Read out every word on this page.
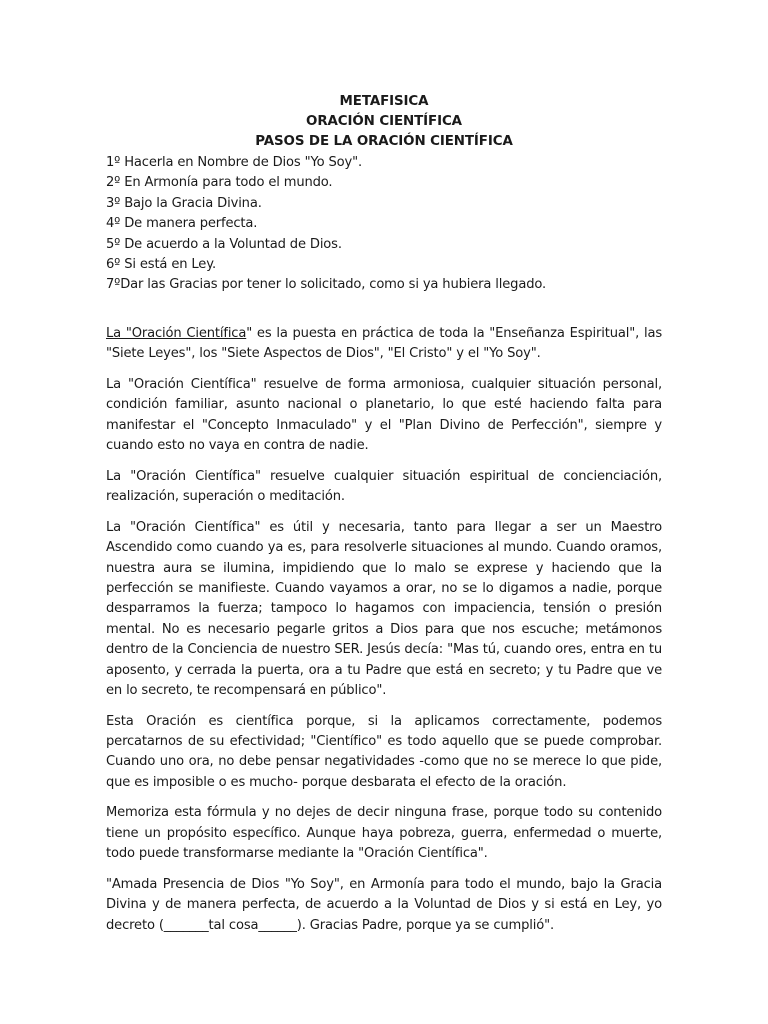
METAFISICA
ORACIÓN CIENTÍFICA
PASOS DE LA ORACIÓN CIENTÍFICA
1º Hacerla en Nombre de Dios "Yo Soy".
2º En Armonía para todo el mundo.
3º Bajo la Gracia Divina.
4º De manera perfecta.
5º De acuerdo a la Voluntad de Dios.
6º Si está en Ley.
7ºDar las Gracias por tener lo solicitado, como si ya hubiera llegado.

La "Oración Científica" es la puesta en práctica de toda la "Enseñanza Espiritual", las "Siete Leyes", los "Siete Aspectos de Dios", "El Cristo" y el "Yo Soy".

La "Oración Científica" resuelve de forma armoniosa, cualquier situación personal, condición familiar, asunto nacional o planetario, lo que esté haciendo falta para manifestar el "Concepto Inmaculado" y el "Plan Divino de Perfección", siempre y cuando esto no vaya en contra de nadie.

La "Oración Científica" resuelve cualquier situación espiritual de concienciación, realización, superación o meditación.

La "Oración Científica" es útil y necesaria, tanto para llegar a ser un Maestro Ascendido como cuando ya es, para resolverle situaciones al mundo. Cuando oramos, nuestra aura se ilumina, impidiendo que lo malo se exprese y haciendo que la perfección se manifieste. Cuando vayamos a orar, no se lo digamos a nadie, porque desparramos la fuerza; tampoco lo hagamos con impaciencia, tensión o presión mental. No es necesario pegarle gritos a Dios para que nos escuche; metámonos dentro de la Conciencia de nuestro SER. Jesús decía: "Mas tú, cuando ores, entra en tu aposento, y cerrada la puerta, ora a tu Padre que está en secreto; y tu Padre que ve en lo secreto, te recompensará en público".

Esta Oración es científica porque, si la aplicamos correctamente, podemos percatarnos de su efectividad; "Científico" es todo aquello que se puede comprobar. Cuando uno ora, no debe pensar negatividades -como que no se merece lo que pide, que es imposible o es mucho- porque desbarata el efecto de la oración.

Memoriza esta fórmula y no dejes de decir ninguna frase, porque todo su contenido tiene un propósito específico. Aunque haya pobreza, guerra, enfermedad o muerte, todo puede transformarse mediante la "Oración Científica".

"Amada Presencia de Dios "Yo Soy", en Armonía para todo el mundo, bajo la Gracia Divina y de manera perfecta, de acuerdo a la Voluntad de Dios y si está en Ley, yo decreto (_______tal cosa______). Gracias Padre, porque ya se cumplió".
